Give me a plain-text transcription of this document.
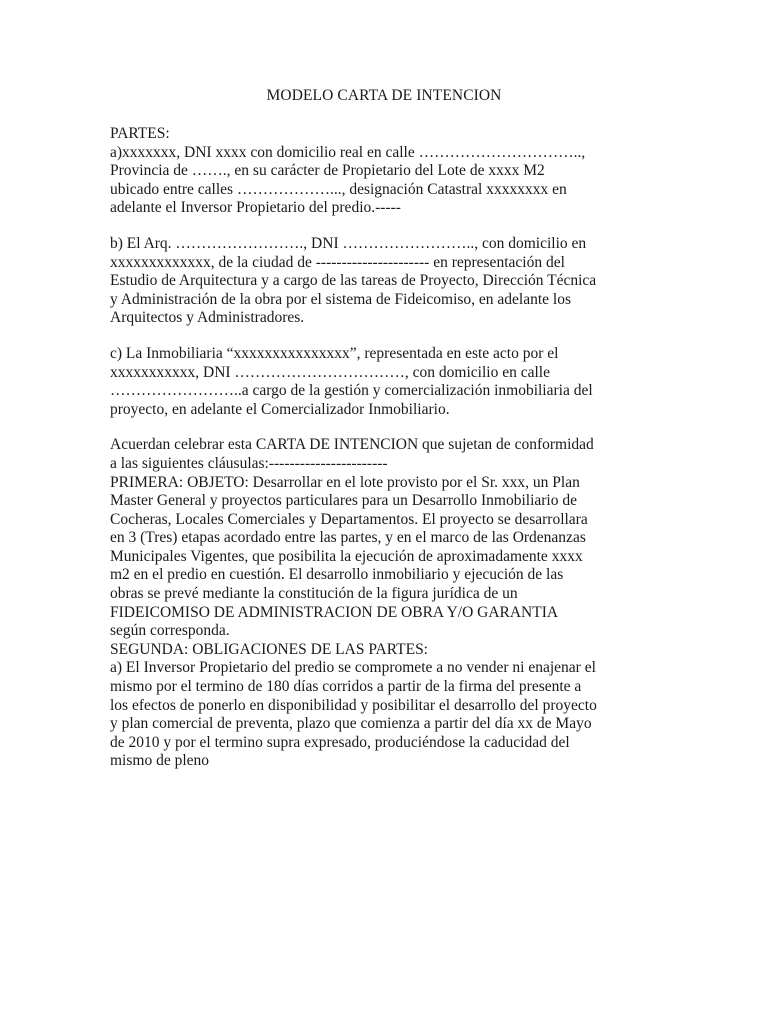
MODELO CARTA DE INTENCION
PARTES:
a)xxxxxxx, DNI xxxx con domicilio real en calle …………………………..,
Provincia de ……., en su carácter de Propietario del Lote de xxxx M2
ubicado entre calles ………………..., designación Catastral xxxxxxxx en
adelante el Inversor Propietario del predio.-----
b) El Arq. ……………………., DNI …………………….., con domicilio en
xxxxxxxxxxxxx, de la ciudad de ---------------------- en representación del
Estudio de Arquitectura y a cargo de las tareas de Proyecto, Dirección Técnica
y Administración de la obra por el sistema de Fideicomiso, en adelante los
Arquitectos y Administradores.
c) La Inmobiliaria “xxxxxxxxxxxxxxx”, representada en este acto por el
xxxxxxxxxxx, DNI ……………………………, con domicilio en calle
……………………..a cargo de la gestión y comercialización inmobiliaria del
proyecto, en adelante el Comercializador Inmobiliario.
Acuerdan celebrar esta CARTA DE INTENCION que sujetan de conformidad
a las siguientes cláusulas:-----------------------
PRIMERA: OBJETO: Desarrollar en el lote provisto por el Sr. xxx, un Plan
Master General y proyectos particulares para un Desarrollo Inmobiliario de
Cocheras, Locales Comerciales y Departamentos. El proyecto se desarrollara
en 3 (Tres) etapas acordado entre las partes, y en el marco de las Ordenanzas
Municipales Vigentes, que posibilita la ejecución de aproximadamente xxxx
m2 en el predio en cuestión. El desarrollo inmobiliario y ejecución de las
obras se prevé mediante la constitución de la figura jurídica de un
FIDEICOMISO DE ADMINISTRACION DE OBRA Y/O GARANTIA
según corresponda.
SEGUNDA: OBLIGACIONES DE LAS PARTES:
a) El Inversor Propietario del predio se compromete a no vender ni enajenar el
mismo por el termino de 180 días corridos a partir de la firma del presente a
los efectos de ponerlo en disponibilidad y posibilitar el desarrollo del proyecto
y plan comercial de preventa, plazo que comienza a partir del día xx de Mayo
de 2010 y por el termino supra expresado, produciéndose la caducidad del
mismo de pleno
